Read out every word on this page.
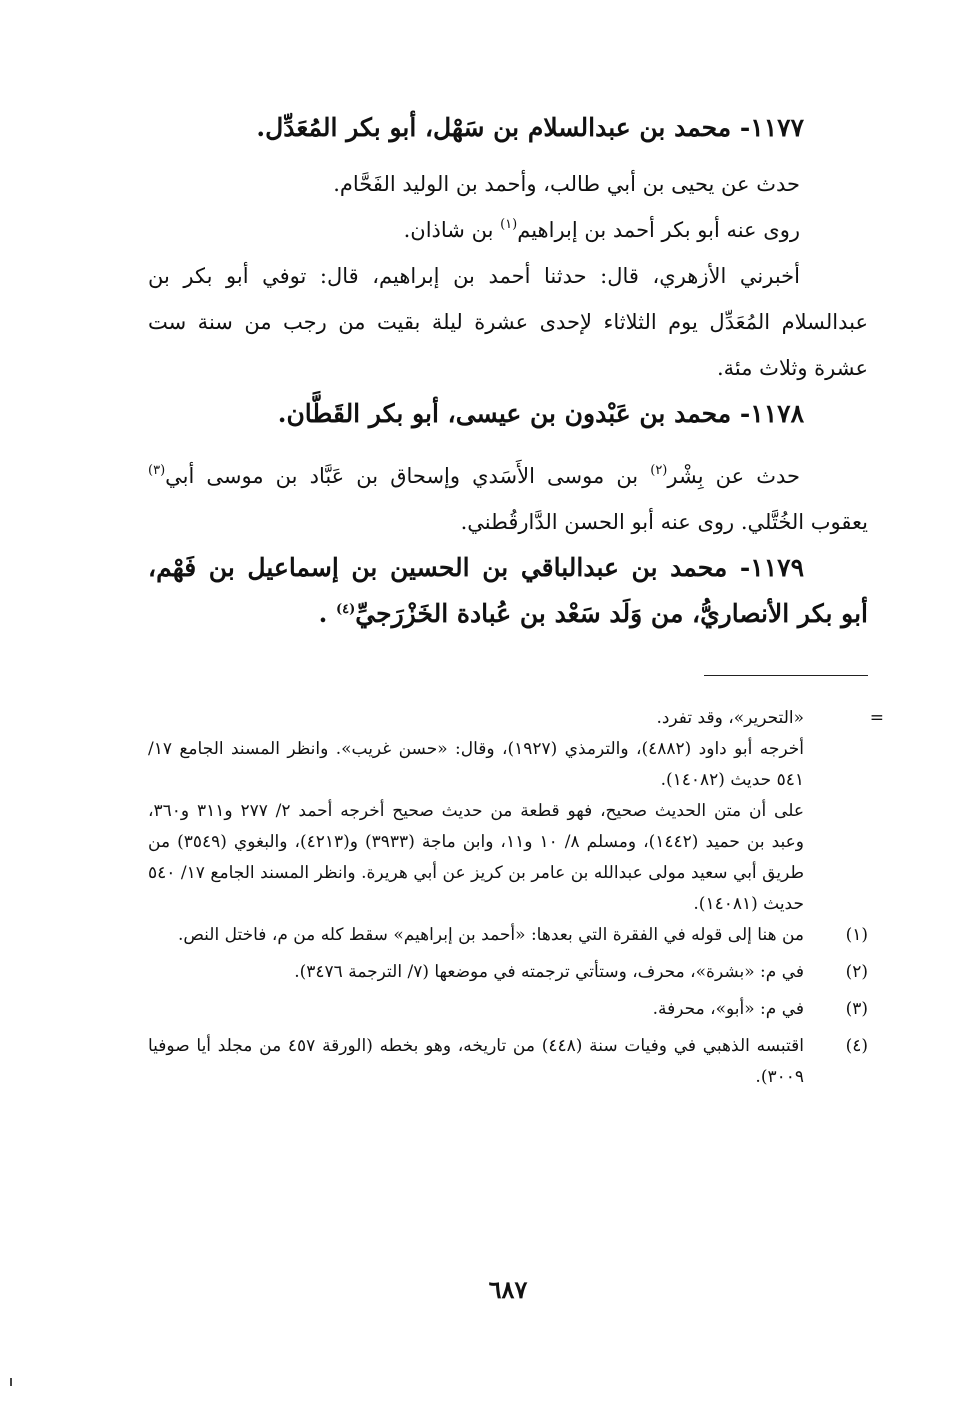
١١٧٧- محمد بن عبدالسلام بن سَهْل، أبو بكر المُعَدِّل.

حدث عن يحيى بن أبي طالب، وأحمد بن الوليد الفَحَّام.

روى عنه أبو بكر أحمد بن إبراهيم$^{(١)}$ بن شاذان.

أخبرني الأزهري، قال: حدثنا أحمد بن إبراهيم، قال: توفي أبو بكر بن عبدالسلام المُعَدِّل يوم الثلاثاء لإحدى عشرة ليلة بقيت من رجب من سنة ست عشرة وثلاث مئة.

١١٧٨- محمد بن عَبْدون بن عيسى، أبو بكر القَطَّان.

حدث عن بِشْر$^{(٢)}$ بن موسى الأَسَدي وإسحاق بن عَبَّاد بن موسى أبي$^{(٣)}$ يعقوب الخُتَّلي. روى عنه أبو الحسن الدَّارقُطني.

١١٧٩- محمد بن عبدالباقي بن الحسين بن إسماعيل بن فَهْم، أبو بكر الأنصاريُّ، من وَلَد سَعْد بن عُبادة الخَزْرَجيِّ$^{(٤)}$ .

=

«التحرير»، وقد تفرد.

أخرجه أبو داود (٤٨٨٢)، والترمذي (١٩٢٧)، وقال: «حسن غريب». وانظر المسند الجامع ١٧/ ٥٤١ حديث (١٤٠٨٢).

على أن متن الحديث صحيح، فهو قطعة من حديث صحيح أخرجه أحمد ٢/ ٢٧٧ و٣١١ و٣٦٠، وعبد بن حميد (١٤٤٢)، ومسلم ٨/ ١٠ و١١، وابن ماجة (٣٩٣٣) و(٤٢١٣)، والبغوي (٣٥٤٩) من طريق أبي سعيد مولى عبدالله بن عامر بن كريز عن أبي هريرة. وانظر المسند الجامع ١٧/ ٥٤٠ حديث (١٤٠٨١).

(١)
من هنا إلى قوله في الفقرة التي بعدها: «أحمد بن إبراهيم» سقط كله من م، فاختل النص.
(٢)
في م: «بشرة»، محرف، وستأتي ترجمته في موضعها (٧/ الترجمة ٣٤٧٦).
(٣)
في م: «أبو»، محرفة.
(٤)
اقتبسه الذهبي في وفيات سنة (٤٤٨) من تاريخه، وهو بخطه (الورقة ٤٥٧ من مجلد أيا صوفيا ٣٠٠٩).
٦٨٧
